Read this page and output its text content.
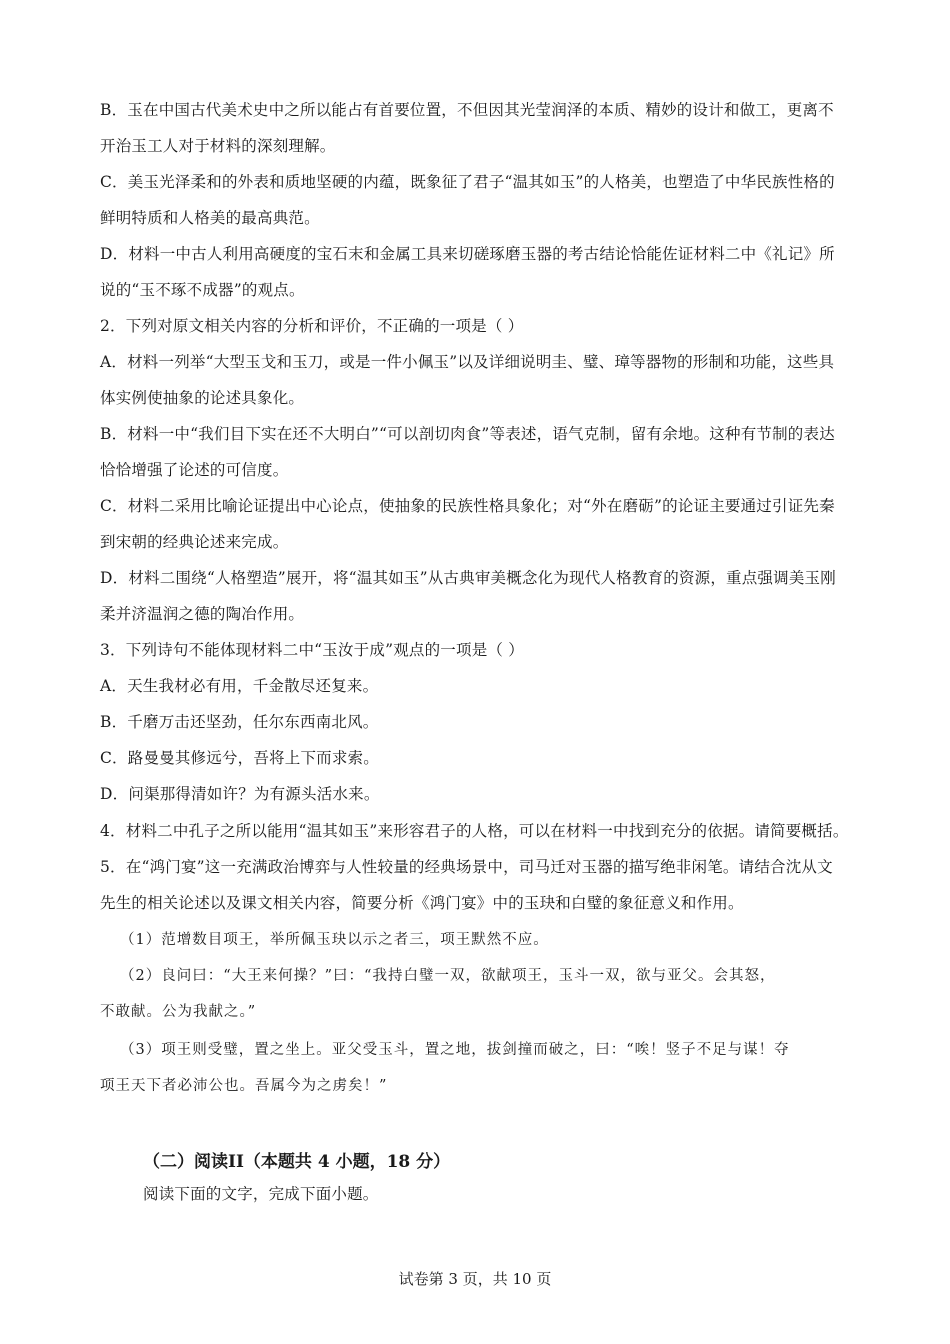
B．玉在中国古代美术史中之所以能占有首要位置，不但因其光莹润泽的本质、精妙的设计和做工，更离不
开治玉工人对于材料的深刻理解。
C．美玉光泽柔和的外表和质地坚硬的内蕴，既象征了君子“温其如玉”的人格美，也塑造了中华民族性格的
鲜明特质和人格美的最高典范。
D．材料一中古人利用高硬度的宝石末和金属工具来切磋琢磨玉器的考古结论恰能佐证材料二中《礼记》所
说的“玉不琢不成器”的观点。
2．下列对原文相关内容的分析和评价，不正确的一项是（ ）
A．材料一列举“大型玉戈和玉刀，或是一件小佩玉”以及详细说明圭、璧、璋等器物的形制和功能，这些具
体实例使抽象的论述具象化。
B．材料一中“我们目下实在还不大明白”“可以剖切肉食”等表述，语气克制，留有余地。这种有节制的表达
恰恰增强了论述的可信度。
C．材料二采用比喻论证提出中心论点，使抽象的民族性格具象化；对“外在磨砺”的论证主要通过引证先秦
到宋朝的经典论述来完成。
D．材料二围绕“人格塑造”展开，将“温其如玉”从古典审美概念化为现代人格教育的资源，重点强调美玉刚
柔并济温润之德的陶冶作用。
3．下列诗句不能体现材料二中“玉汝于成”观点的一项是（ ）
A．天生我材必有用，千金散尽还复来。
B．千磨万击还坚劲，任尔东西南北风。
C．路曼曼其修远兮，吾将上下而求索。
D．问渠那得清如许？为有源头活水来。
4．材料二中孔子之所以能用“温其如玉”来形容君子的人格，可以在材料一中找到充分的依据。请简要概括。
5．在“鸿门宴”这一充满政治博弈与人性较量的经典场景中，司马迁对玉器的描写绝非闲笔。请结合沈从文
先生的相关论述以及课文相关内容，简要分析《鸿门宴》中的玉玦和白璧的象征意义和作用。
（1）范增数目项王，举所佩玉玦以示之者三，项王默然不应。
（2）良问曰：“大王来何操？”曰：“我持白璧一双，欲献项王，玉斗一双，欲与亚父。会其怒，
不敢献。公为我献之。”
（3）项王则受璧，置之坐上。亚父受玉斗，置之地，拔剑撞而破之，曰：“唉！竖子不足与谋！夺
项王天下者必沛公也。吾属今为之虏矣！”
（二）阅读II（本题共 4 小题，18 分）
阅读下面的文字，完成下面小题。
试卷第 3 页，共 10 页
